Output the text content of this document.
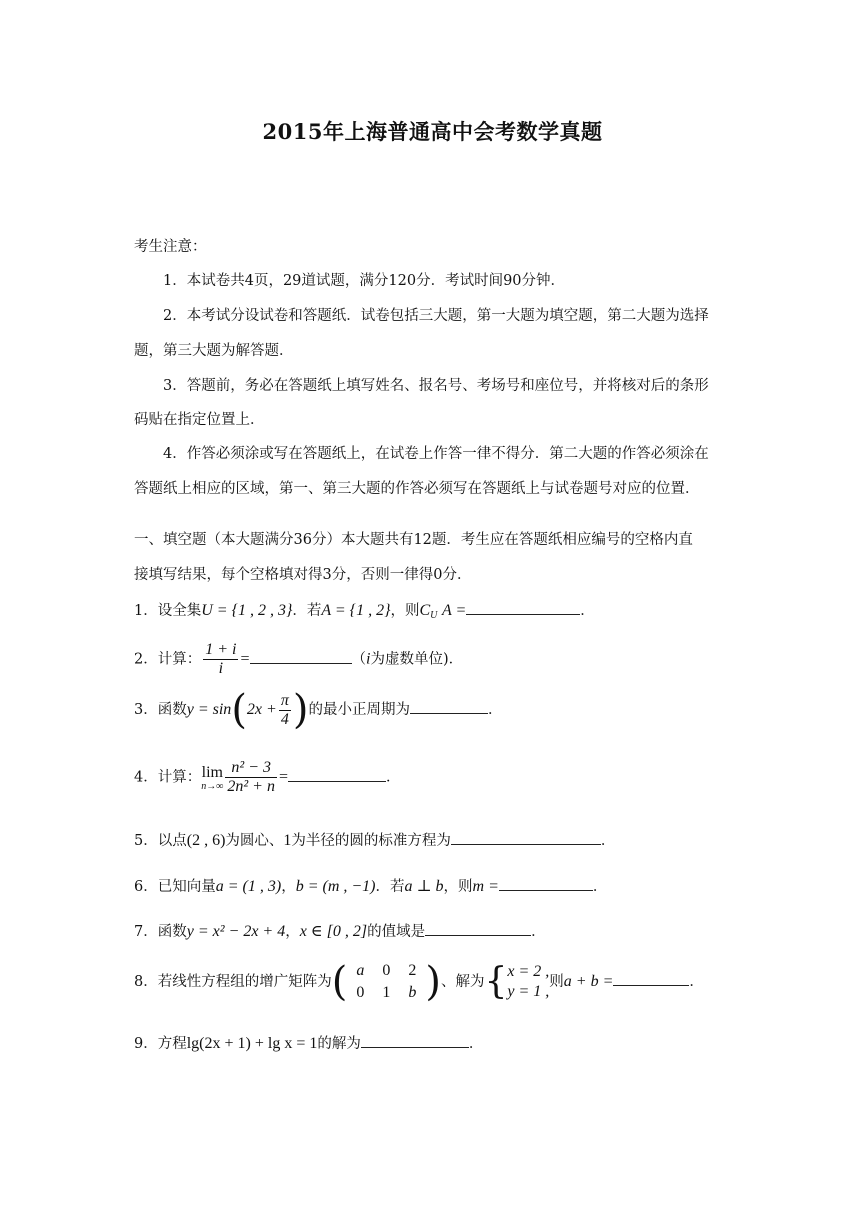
2015年上海普通高中会考数学真题
考生注意：
1．本试卷共4页，29道试题，满分120分．考试时间90分钟．
2．本考试分设试卷和答题纸．试卷包括三大题，第一大题为填空题，第二大题为选择
题，第三大题为解答题．
3．答题前，务必在答题纸上填写姓名、报名号、考场号和座位号，并将核对后的条形
码贴在指定位置上．
4．作答必须涂或写在答题纸上，在试卷上作答一律不得分．第二大题的作答必须涂在
答题纸上相应的区域，第一、第三大题的作答必须写在答题纸上与试卷题号对应的位置．
一、填空题（本大题满分36分）本大题共有12题．考生应在答题纸相应编号的空格内直
接填写结果，每个空格填对得3分，否则一律得0分．
1．设全集U = {1 , 2 , 3}．若A = {1 , 2}，则$C_U$ A =	．
2．计算： $\frac{1 + i}{i}$ =	（i为虚数单位)．
3．函数$y = \sin(2x + \frac{\pi}{4}$ )的最小正周期为	．
4．计算： lim
$n\to\infty \frac{\text{n² − 3}}{\text{2n² + n}}$ =	．
5．以点(2 , 6)为圆心、1为半径的圆的标准方程为	．
6．已知向量a = (1 , 3)，b = (m , −1)．若a ⊥ b，则m =	．
7．函数y = x² − 2x + 4，x ∈ [0 , 2]的值域是	．
8．若线性方程组的增广矩阵为( a	0	2
0	1	b )、解为{ x = 2 ,
y = 1 ,
则a + b =	．
9．方程lg(2x + 1) + lg x = 1的解为	．
